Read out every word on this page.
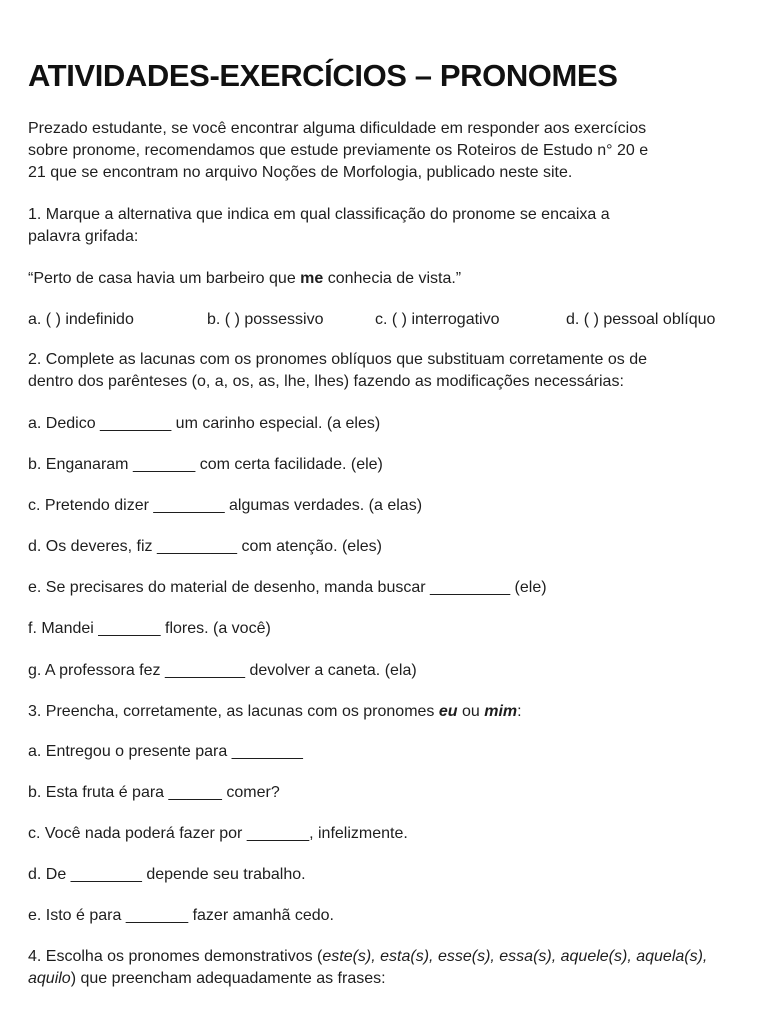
ATIVIDADES-EXERCÍCIOS – PRONOMES

Prezado estudante, se você encontrar alguma dificuldade em responder aos exercícios
sobre pronome, recomendamos que estude previamente os Roteiros de Estudo n° 20 e
21 que se encontram no arquivo Noções de Morfologia, publicado neste site.

1. Marque a alternativa que indica em qual classificação do pronome se encaixa a
palavra grifada:

“Perto de casa havia um barbeiro que me conhecia de vista.”

a. ( ) indefinido	b. ( ) possessivo	c. ( ) interrogativo	d. ( ) pessoal oblíquo

2. Complete as lacunas com os pronomes oblíquos que substituam corretamente os de
dentro dos parênteses (o, a, os, as, lhe, lhes) fazendo as modificações necessárias:

a. Dedico ________ um carinho especial. (a eles)

b. Enganaram _______ com certa facilidade. (ele)

c. Pretendo dizer ________ algumas verdades. (a elas)

d. Os deveres, fiz _________ com atenção. (eles)

e. Se precisares do material de desenho, manda buscar _________ (ele)

f. Mandei _______ flores. (a você)

g. A professora fez _________ devolver a caneta. (ela)

3. Preencha, corretamente, as lacunas com os pronomes eu ou mim:

a. Entregou o presente para ________

b. Esta fruta é para ______ comer?

c. Você nada poderá fazer por _______, infelizmente.

d. De ________ depende seu trabalho.

e. Isto é para _______ fazer amanhã cedo.

4. Escolha os pronomes demonstrativos (este(s), esta(s), esse(s), essa(s), aquele(s), aquela(s),
aquilo) que preencham adequadamente as frases:
